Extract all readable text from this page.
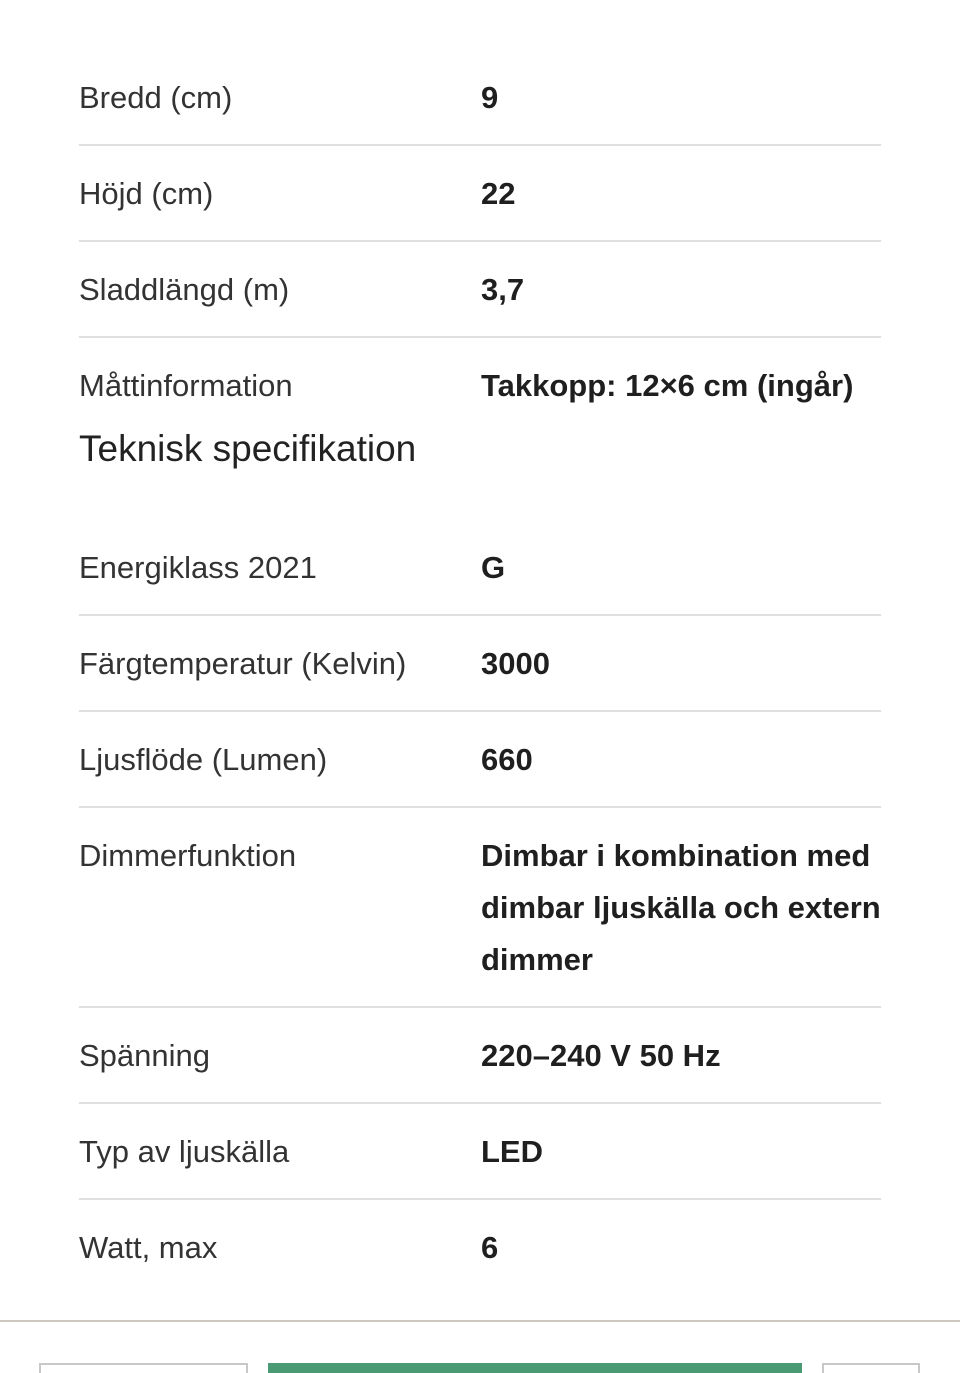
Bredd (cm)	9
Höjd (cm)	22
Sladdlängd (m)	3,7
Måttinformation	Takkopp: 12×6 cm (ingår)
Teknisk specifikation
Energiklass 2021	G
Färgtemperatur (Kelvin)	3000
Ljusflöde (Lumen)	660
Dimmerfunktion	Dimbar i kombination med dimbar ljuskälla och extern dimmer
Spänning	220–240 V 50 Hz
Typ av ljuskälla	LED
Watt, max	6
